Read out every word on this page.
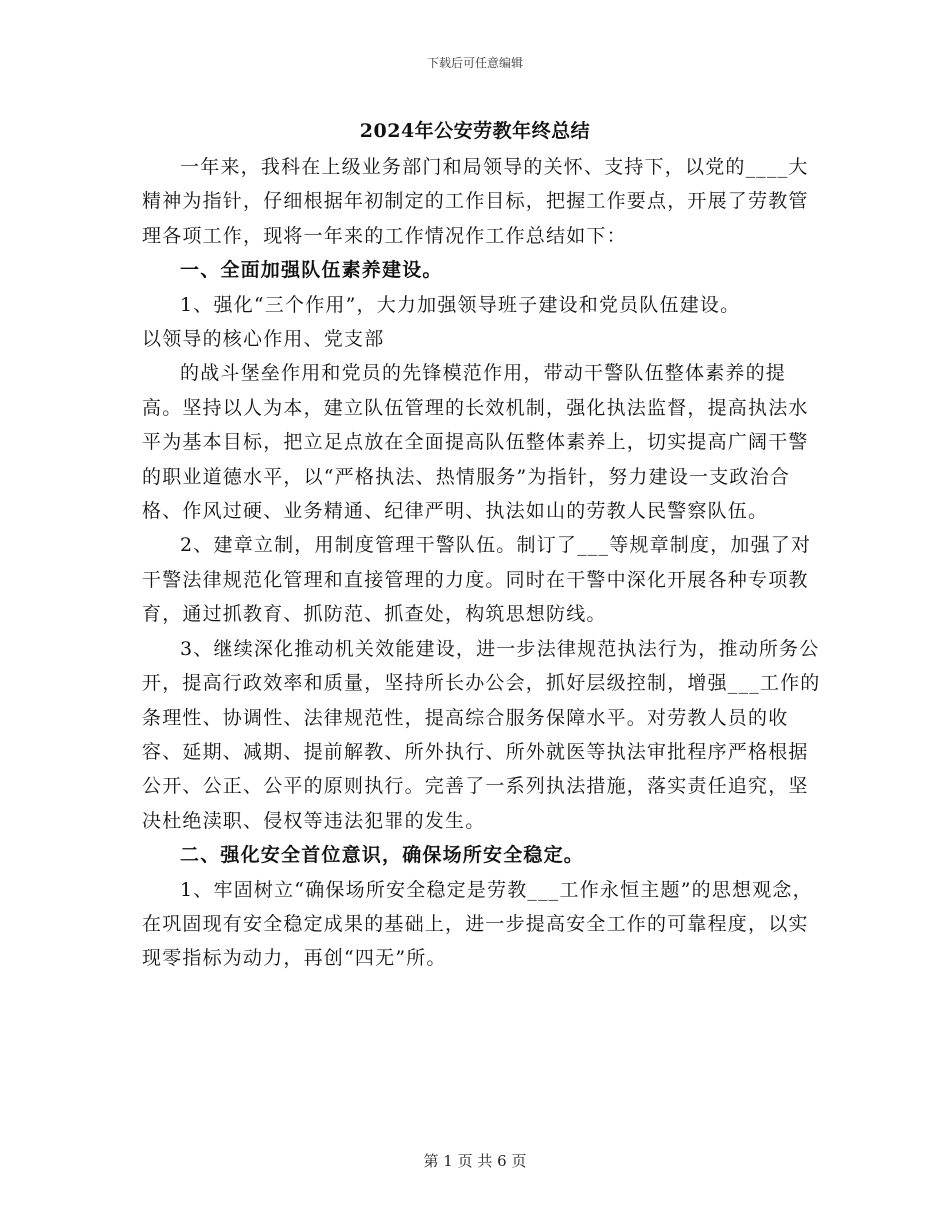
下载后可任意编辑
2024年公安劳教年终总结

一年来，我科在上级业务部门和局领导的关怀、支持下，以党的____大精神为指针，仔细根据年初制定的工作目标，把握工作要点，开展了劳教管理各项工作，现将一年来的工作情况作工作总结如下：

一、全面加强队伍素养建设。

1、强化“三个作用”，大力加强领导班子建设和党员队伍建设。

以领导的核心作用、党支部

的战斗堡垒作用和党员的先锋模范作用，带动干警队伍整体素养的提高。坚持以人为本，建立队伍管理的长效机制，强化执法监督，提高执法水平为基本目标，把立足点放在全面提高队伍整体素养上，切实提高广阔干警的职业道德水平，以“严格执法、热情服务”为指针，努力建设一支政治合格、作风过硬、业务精通、纪律严明、执法如山的劳教人民警察队伍。

2、建章立制，用制度管理干警队伍。制订了___等规章制度，加强了对干警法律规范化管理和直接管理的力度。同时在干警中深化开展各种专项教育，通过抓教育、抓防范、抓查处，构筑思想防线。

3、继续深化推动机关效能建设，进一步法律规范执法行为，推动所务公开，提高行政效率和质量，坚持所长办公会，抓好层级控制，增强___工作的条理性、协调性、法律规范性，提高综合服务保障水平。对劳教人员的收容、延期、减期、提前解教、所外执行、所外就医等执法审批程序严格根据公开、公正、公平的原则执行。完善了一系列执法措施，落实责任追究，坚决杜绝渎职、侵权等违法犯罪的发生。

二、强化安全首位意识，确保场所安全稳定。

1、牢固树立“确保场所安全稳定是劳教___工作永恒主题”的思想观念，在巩固现有安全稳定成果的基础上，进一步提高安全工作的可靠程度，以实现零指标为动力，再创“四无”所。

第 1 页 共 6 页
